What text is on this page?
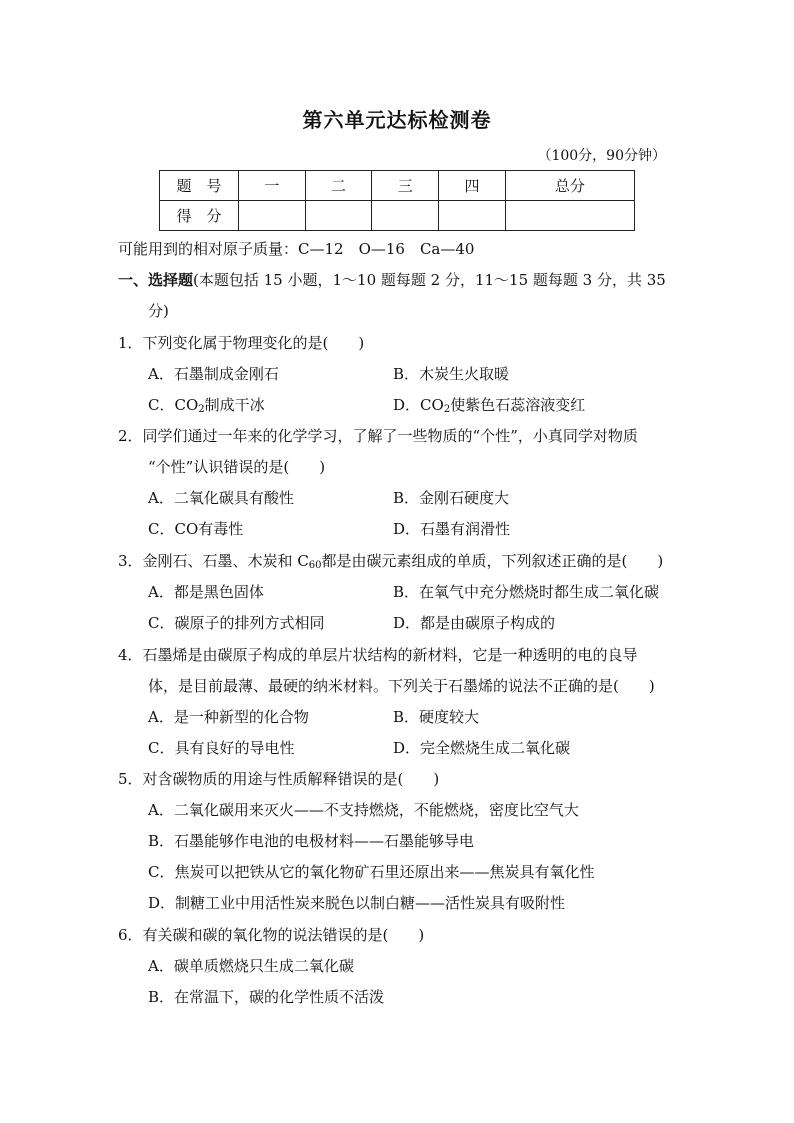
第六单元达标检测卷
（100分，90分钟）
题　号	一	二	三	四	总分
得　分					
可能用到的相对原子质量：C—12　O—16　Ca—40
一、选择题(本题包括 15 小题，1～10 题每题 2 分，11～15 题每题 3 分，共 35
分)
1．下列变化属于物理变化的是(　　)
A．石墨制成金刚石	B．木炭生火取暖
C．$CO_2$制成干冰	D．$CO_2$使紫色石蕊溶液变红
2．同学们通过一年来的化学学习，了解了一些物质的“个性”，小真同学对物质
“个性”认识错误的是(　　)
A．二氧化碳具有酸性	B．金刚石硬度大
C．CO有毒性	D．石墨有润滑性
3．金刚石、石墨、木炭和 $C_{60}$都是由碳元素组成的单质，下列叙述正确的是(　　)
A．都是黑色固体	B．在氧气中充分燃烧时都生成二氧化碳
C．碳原子的排列方式相同	D．都是由碳原子构成的
4．石墨烯是由碳原子构成的单层片状结构的新材料，它是一种透明的电的良导
体，是目前最薄、最硬的纳米材料。下列关于石墨烯的说法不正确的是(　　)
A．是一种新型的化合物	B．硬度较大
C．具有良好的导电性	D．完全燃烧生成二氧化碳
5．对含碳物质的用途与性质解释错误的是(　　)
A．二氧化碳用来灭火——不支持燃烧，不能燃烧，密度比空气大
B．石墨能够作电池的电极材料——石墨能够导电
C．焦炭可以把铁从它的氧化物矿石里还原出来——焦炭具有氧化性
D．制糖工业中用活性炭来脱色以制白糖——活性炭具有吸附性
6．有关碳和碳的氧化物的说法错误的是(　　)
A．碳单质燃烧只生成二氧化碳
B．在常温下，碳的化学性质不活泼
